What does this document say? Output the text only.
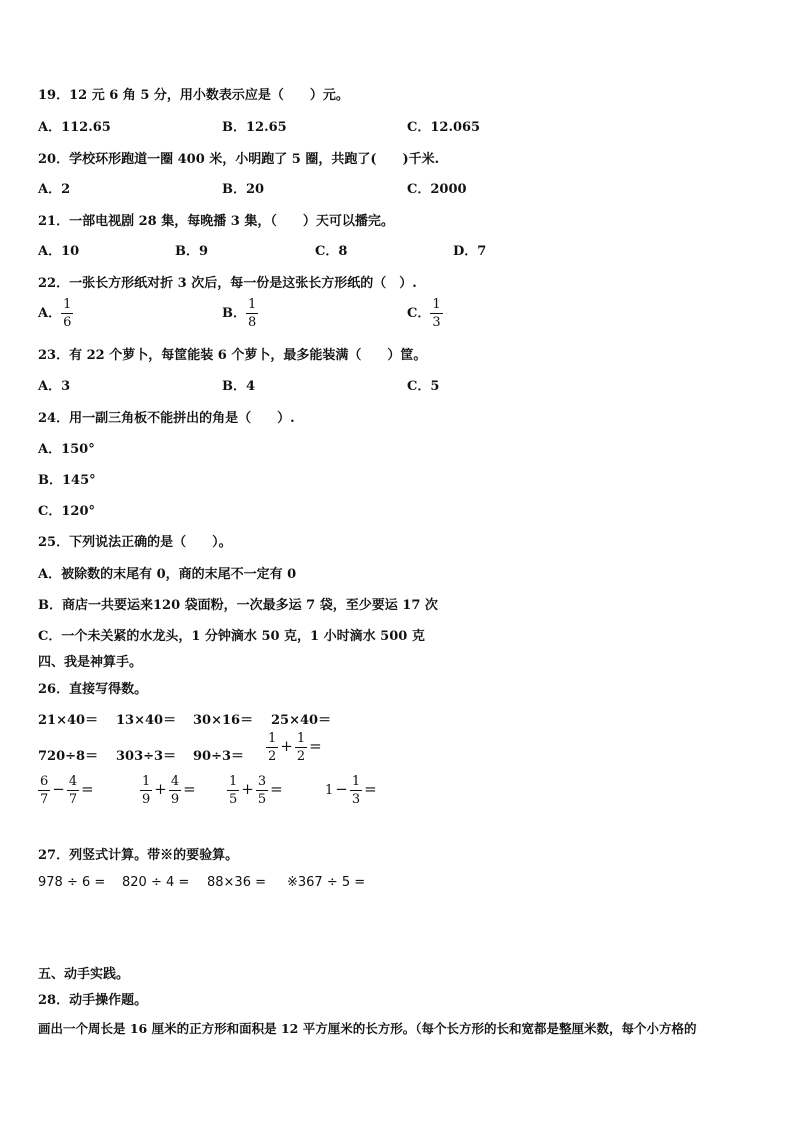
19．12 元 6 角 5 分，用小数表示应是（　　）元。
A．112.65	B．12.65	C．12.065
20．学校环形跑道一圈 400 米，小明跑了 5 圈，共跑了(　　)千米.
A．2	B．20	C．2000
21．一部电视剧 28 集，每晚播 3 集，（　　）天可以播完。
A．10	B．9	C．8	D．7
22．一张长方形纸对折 3 次后，每一份是这张长方形纸的（　）.
A． $\frac{1}{6}$	B． $\frac{1}{8}$	C． $\frac{1}{3}$
23．有 22 个萝卜，每筐能装 6 个萝卜，最多能装满（　　）筐。
A．3	B．4	C．5
24．用一副三角板不能拼出的角是（　　）.
A．150°
B．145°
C．120°
25．下列说法正确的是（　　）。
A．被除数的末尾有 0，商的末尾不一定有 0
B．商店一共要运来120 袋面粉，一次最多运 7 袋，至少要运 17 次
C．一个未关紧的水龙头，1 分钟滴水 50 克，1 小时滴水 500 克
四、我是神算手。
26．直接写得数。
21×40＝ 13×40＝ 30×16＝ 25×40＝
$720\div 8= 303\div 3= 90\div 3= \frac{1}{2} + \frac{1}{2}$ =
$\frac{6}{7} - \frac{4}{7}$ =	$\frac{1}{9} + \frac{4}{9} = \frac{1}{5} + \frac{3}{5}$ =	$1 - \frac{1}{3}$ =
27．列竖式计算。带※的要验算。
978 ÷ 6 = 820 ÷ 4 = 88×36 = ※367 ÷ 5 =
五、动手实践。
28．动手操作题。
画出一个周长是 16 厘米的正方形和面积是 12 平方厘米的长方形。（每个长方形的长和宽都是整厘米数，每个小方格的
